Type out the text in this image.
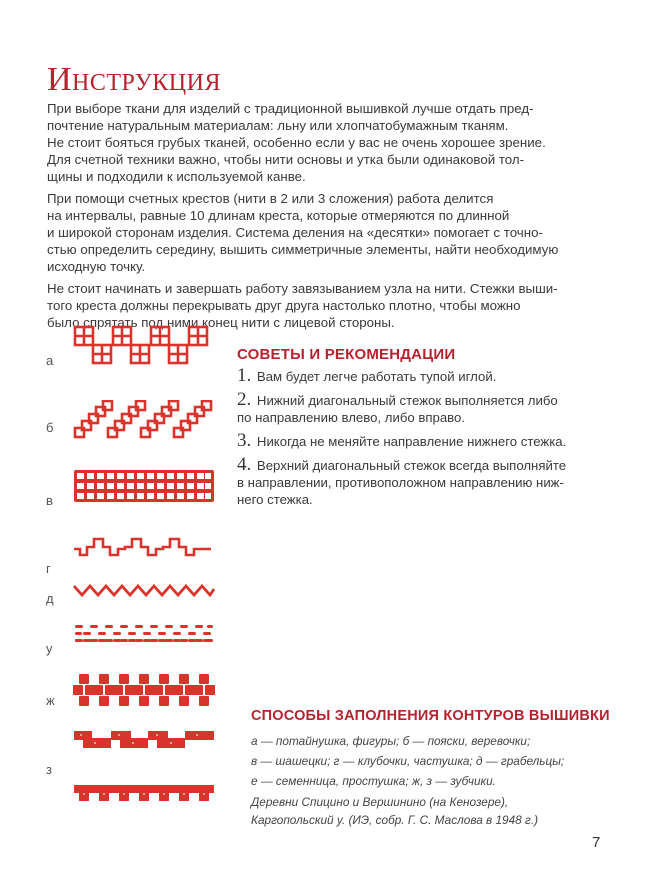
Инструкция

При выборе ткани для изделий с традиционной вышивкой лучше отдать пред-
почтение натуральным материалам: льну или хлопчатобумажным тканям.
Не стоит бояться грубых тканей, особенно если у вас не очень хорошее зрение.
Для счетной техники важно, чтобы нити основы и утка были одинаковой тол-
щины и подходили к используемой канве.

При помощи счетных крестов (нити в 2 или 3 сложения) работа делится
на интервалы, равные 10 длинам креста, которые отмеряются по длинной
и широкой сторонам изделия. Система деления на «десятки» помогает с точно-
стью определить середину, вышить симметричные элементы, найти необходимую
исходную точку.

Не стоит начинать и завершать работу завязыванием узла на нити. Стежки выши-
того креста должны перекрывать друг друга настолько плотно, чтобы можно
было спрятать под ними конец нити с лицевой стороны.

а
б
в
г
д
у
ж
з
СОВЕТЫ И РЕКОМЕНДАЦИИ
1. Вам будет легче работать тупой иглой.
2. Нижний диагональный стежок выполняется либо
по направлению влево, либо вправо.
3. Никогда не меняйте направление нижнего стежка.
4. Верхний диагональный стежок всегда выполняйте
в направлении, противоположном направлению ниж-
него стежка.
СПОСОБЫ ЗАПОЛНЕНИЯ КОНТУРОВ ВЫШИВКИ
а — потайнушка, фигуры; б — пояски, веревочки;
в — шашецки; г — клубочки, частушка; д — грабельцы;
е — семенница, простушка; ж, з — зубчики.
Деревни Спицино и Вершинино (на Кенозере),
Каргопольский у. (ИЭ, собр. Г. С. Маслова в 1948 г.)
7
